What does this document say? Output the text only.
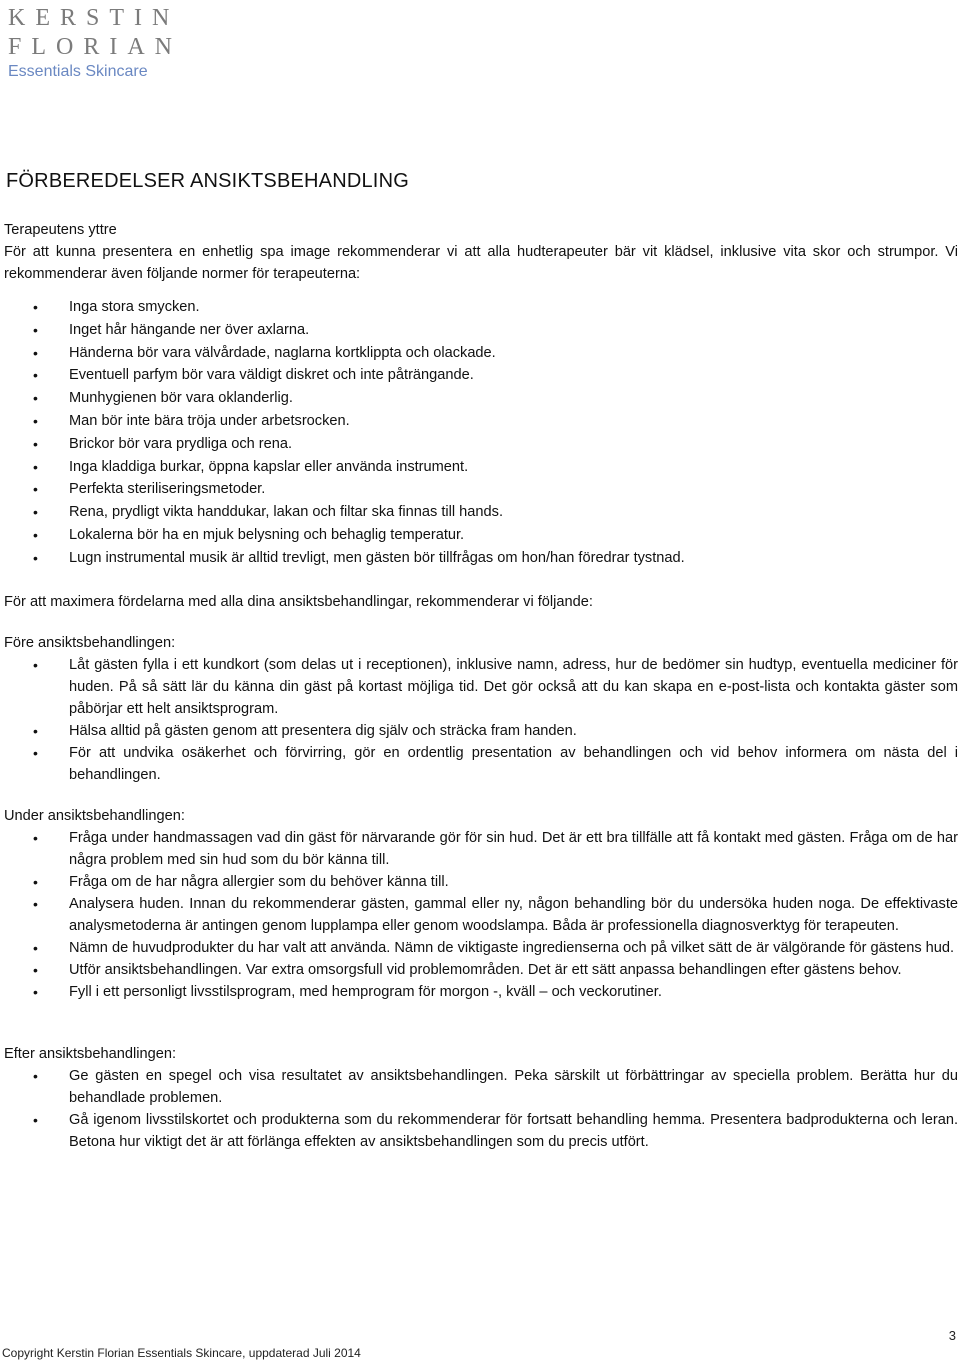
KERSTIN
FLORIAN
Essentials Skincare
FÖRBEREDELSER ANSIKTSBEHANDLING

Terapeutens yttre

För att kunna presentera en enhetlig spa image rekommenderar vi att alla hudterapeuter bär vit klädsel, inklusive vita skor och strumpor. Vi rekommenderar även följande normer för terapeuterna:

• Inga stora smycken.
• Inget hår hängande ner över axlarna.
• Händerna bör vara välvårdade, naglarna kortklippta och olackade.
• Eventuell parfym bör vara väldigt diskret och inte påträngande.
• Munhygienen bör vara oklanderlig.
• Man bör inte bära tröja under arbetsrocken.
• Brickor bör vara prydliga och rena.
• Inga kladdiga burkar, öppna kapslar eller använda instrument.
• Perfekta steriliseringsmetoder.
• Rena, prydligt vikta handdukar, lakan och filtar ska finnas till hands.
• Lokalerna bör ha en mjuk belysning och behaglig temperatur.
• Lugn instrumental musik är alltid trevligt, men gästen bör tillfrågas om hon/han föredrar tystnad.

För att maximera fördelarna med alla dina ansiktsbehandlingar, rekommenderar vi följande:

Före ansiktsbehandlingen:

• Låt gästen fylla i ett kundkort (som delas ut i receptionen), inklusive namn, adress, hur de bedömer sin hudtyp, eventuella mediciner för huden. På så sätt lär du känna din gäst på kortast möjliga tid. Det gör också att du kan skapa en e-post-lista och kontakta gäster som påbörjar ett helt ansiktsprogram.
• Hälsa alltid på gästen genom att presentera dig själv och sträcka fram handen.
• För att undvika osäkerhet och förvirring, gör en ordentlig presentation av behandlingen och vid behov informera om nästa del i behandlingen.

Under ansiktsbehandlingen:

• Fråga under handmassagen vad din gäst för närvarande gör för sin hud. Det är ett bra tillfälle att få kontakt med gästen. Fråga om de har några problem med sin hud som du bör känna till.
• Fråga om de har några allergier som du behöver känna till.
• Analysera huden. Innan du rekommenderar gästen, gammal eller ny, någon behandling bör du undersöka huden noga. De effektivaste analysmetoderna är antingen genom lupplampa eller genom woodslampa. Båda är professionella diagnosverktyg för terapeuten.
• Nämn de huvudprodukter du har valt att använda. Nämn de viktigaste ingredienserna och på vilket sätt de är välgörande för gästens hud.
• Utför ansiktsbehandlingen. Var extra omsorgsfull vid problemområden. Det är ett sätt anpassa behandlingen efter gästens behov.
• Fyll i ett personligt livsstilsprogram, med hemprogram för morgon -, kväll – och veckorutiner.

Efter ansiktsbehandlingen:

• Ge gästen en spegel och visa resultatet av ansiktsbehandlingen. Peka särskilt ut förbättringar av speciella problem. Berätta hur du behandlade problemen.
• Gå igenom livsstilskortet och produkterna som du rekommenderar för fortsatt behandling hemma. Presentera badprodukterna och leran. Betona hur viktigt det är att förlänga effekten av ansiktsbehandlingen som du precis utfört.
3
Copyright Kerstin Florian Essentials Skincare, uppdaterad Juli 2014
